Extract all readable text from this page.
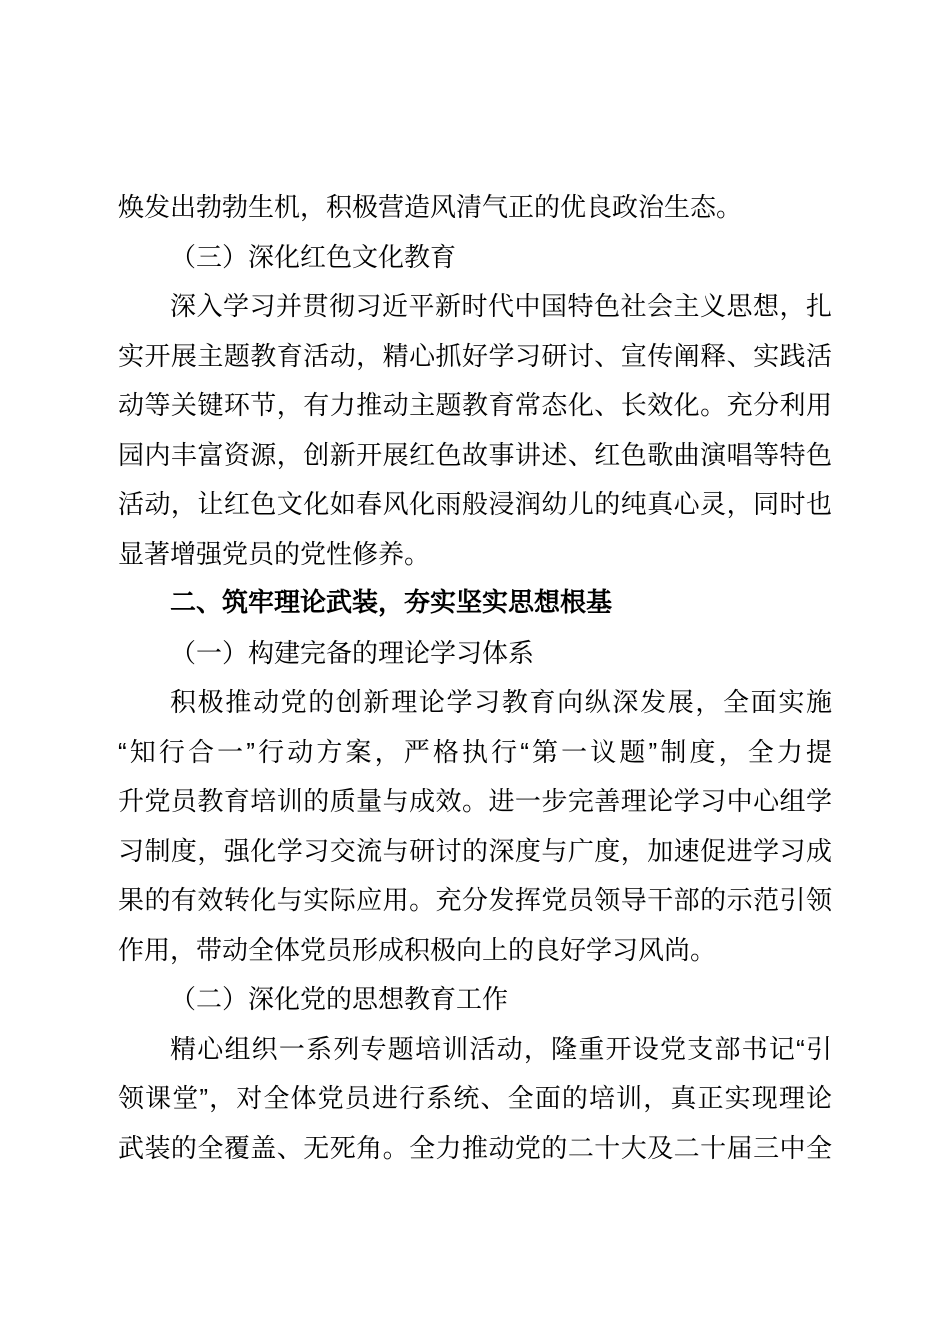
焕发出勃勃生机，积极营造风清气正的优良政治生态。
（三）深化红色文化教育
深入学习并贯彻习近平新时代中国特色社会主义思想，扎
实开展主题教育活动，精心抓好学习研讨、宣传阐释、实践活
动等关键环节，有力推动主题教育常态化、长效化。充分利用
园内丰富资源，创新开展红色故事讲述、红色歌曲演唱等特色
活动，让红色文化如春风化雨般浸润幼儿的纯真心灵，同时也
显著增强党员的党性修养。
二、筑牢理论武装，夯实坚实思想根基
（一）构建完备的理论学习体系
积极推动党的创新理论学习教育向纵深发展，全面实施
“知行合一”行动方案，严格执行“第一议题”制度，全力提
升党员教育培训的质量与成效。进一步完善理论学习中心组学
习制度，强化学习交流与研讨的深度与广度，加速促进学习成
果的有效转化与实际应用。充分发挥党员领导干部的示范引领
作用，带动全体党员形成积极向上的良好学习风尚。
（二）深化党的思想教育工作
精心组织一系列专题培训活动，隆重开设党支部书记“引
领课堂”，对全体党员进行系统、全面的培训，真正实现理论
武装的全覆盖、无死角。全力推动党的二十大及二十届三中全
